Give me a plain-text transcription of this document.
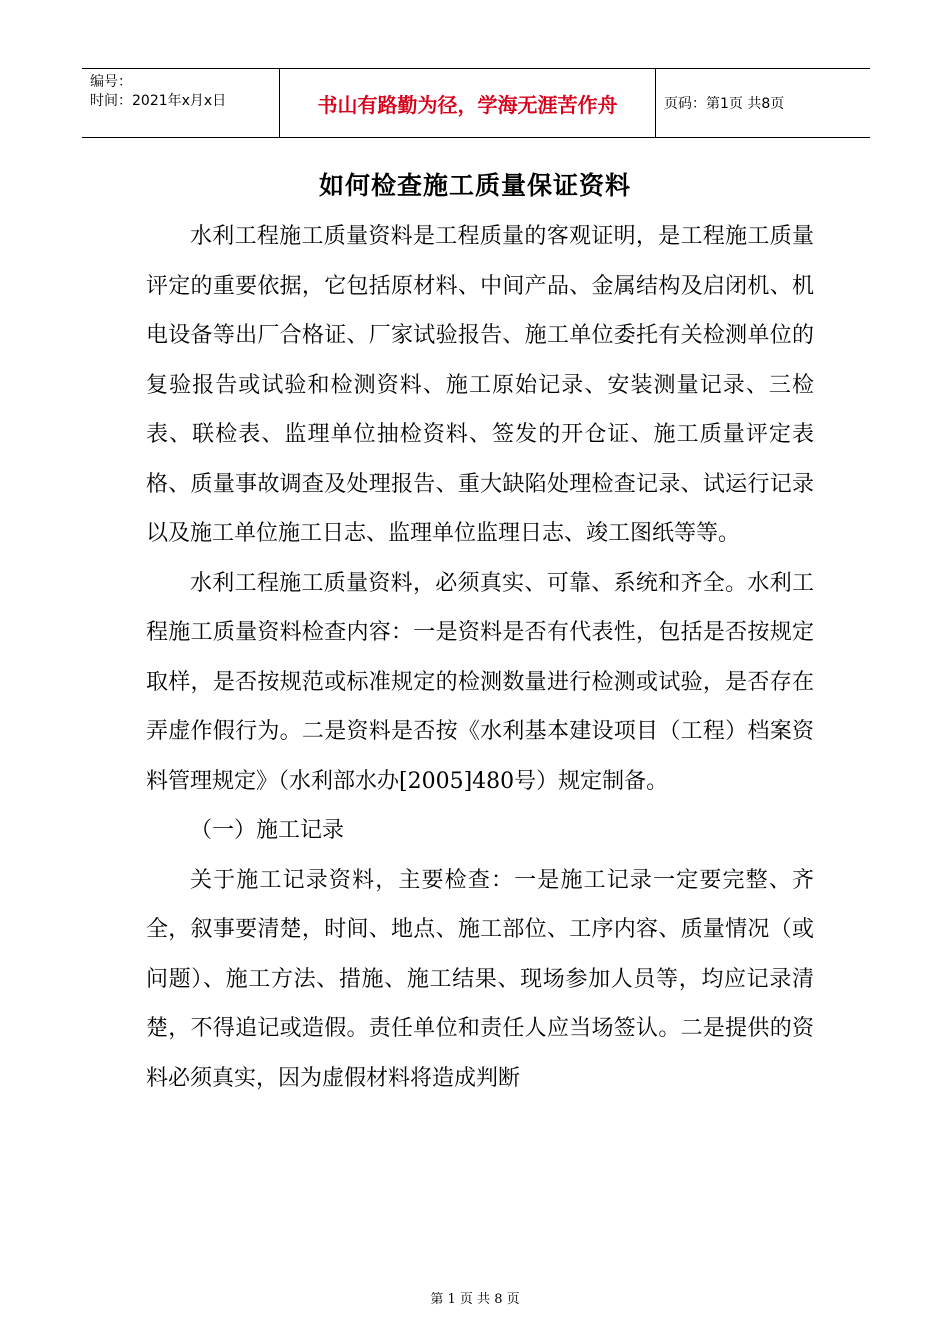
编号：
时间：2021年x月x日	书山有路勤为径，学海无涯苦作舟	页码：第1页 共8页
如何检查施工质量保证资料

水利工程施工质量资料是工程质量的客观证明，是工程施工质量评定的重要依据，它包括原材料、中间产品、金属结构及启闭机、机电设备等出厂合格证、厂家试验报告、施工单位委托有关检测单位的复验报告或试验和检测资料、施工原始记录、安装测量记录、三检表、联检表、监理单位抽检资料、签发的开仓证、施工质量评定表格、质量事故调查及处理报告、重大缺陷处理检查记录、试运行记录以及施工单位施工日志、监理单位监理日志、竣工图纸等等。

水利工程施工质量资料，必须真实、可靠、系统和齐全。水利工程施工质量资料检查内容：一是资料是否有代表性，包括是否按规定取样，是否按规范或标准规定的检测数量进行检测或试验，是否存在弄虚作假行为。二是资料是否按《水利基本建设项目（工程）档案资料管理规定》（水利部水办[2005]480号）规定制备。

（一）施工记录

关于施工记录资料，主要检查：一是施工记录一定要完整、齐全，叙事要清楚，时间、地点、施工部位、工序内容、质量情况（或问题）、施工方法、措施、施工结果、现场参加人员等，均应记录清楚，不得追记或造假。责任单位和责任人应当场签认。二是提供的资料必须真实，因为虚假材料将造成判断

第 1 页 共 8 页
